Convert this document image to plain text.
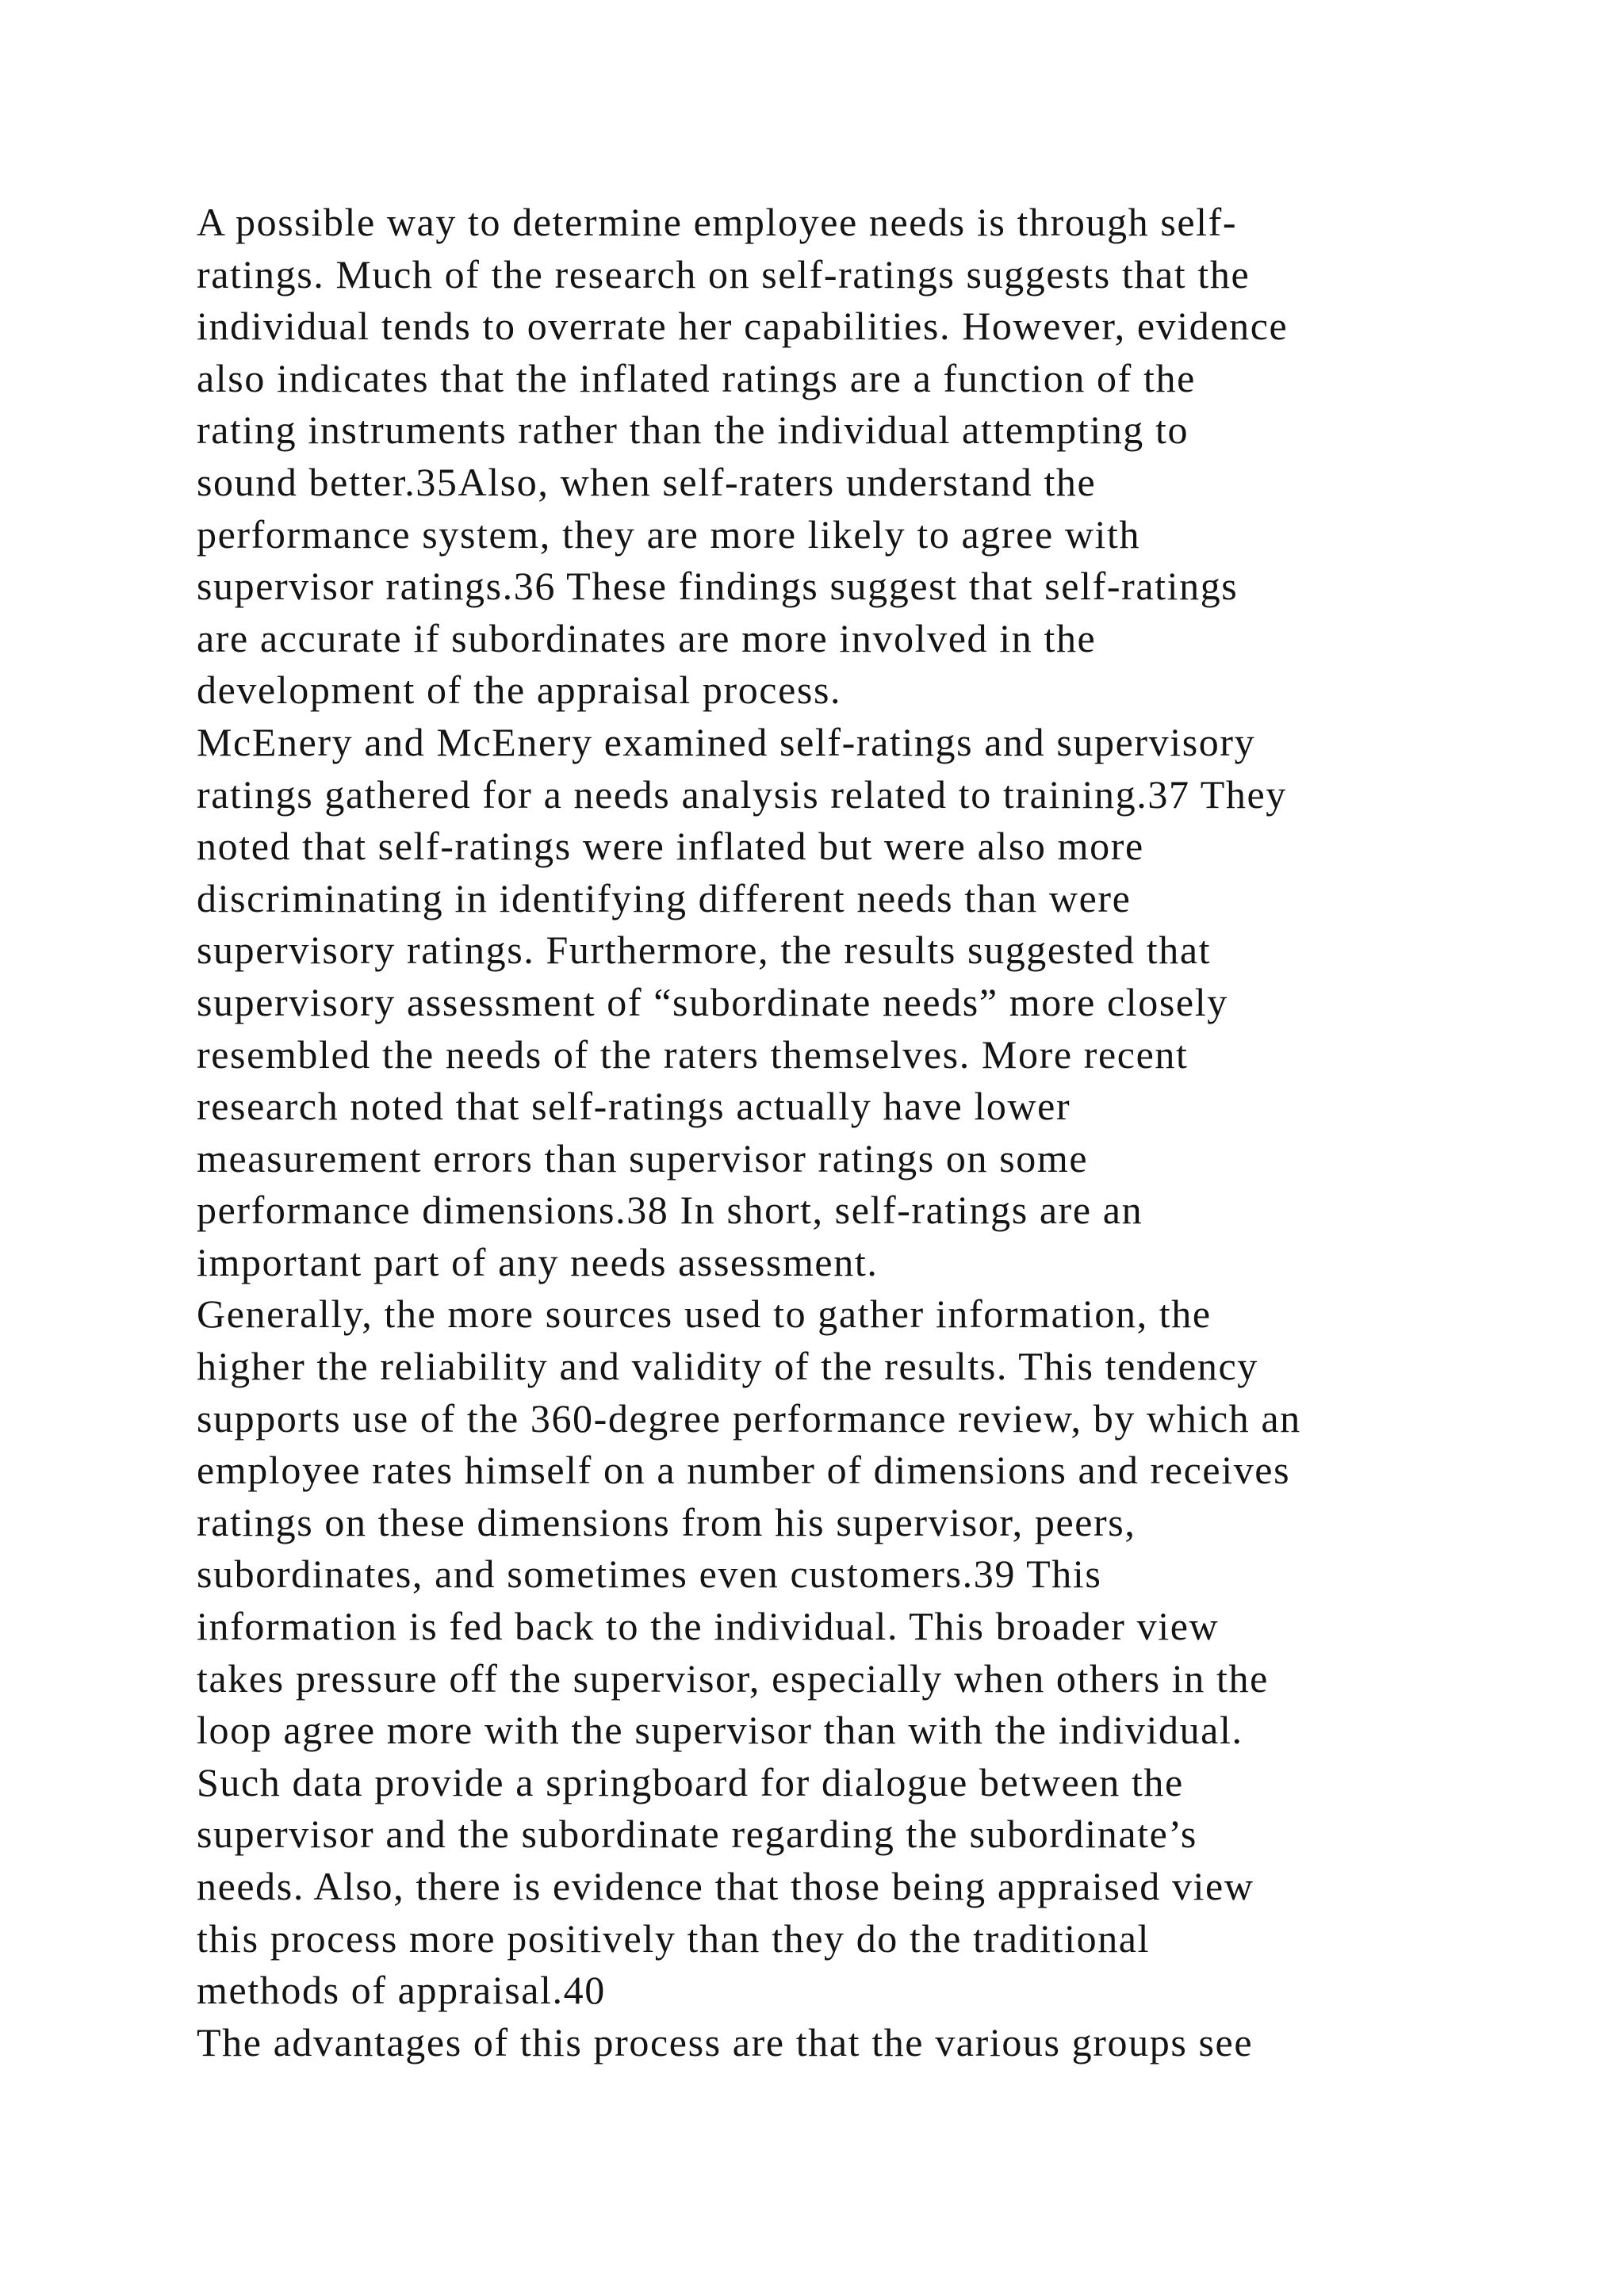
A possible way to determine employee needs is through self-
ratings. Much of the research on self-ratings suggests that the
individual tends to overrate her capabilities. However, evidence
also indicates that the inflated ratings are a function of the
rating instruments rather than the individual attempting to
sound better.35Also, when self-raters understand the
performance system, they are more likely to agree with
supervisor ratings.36 These findings suggest that self-ratings
are accurate if subordinates are more involved in the
development of the appraisal process.
McEnery and McEnery examined self-ratings and supervisory
ratings gathered for a needs analysis related to training.37 They
noted that self-ratings were inflated but were also more
discriminating in identifying different needs than were
supervisory ratings. Furthermore, the results suggested that
supervisory assessment of “subordinate needs” more closely
resembled the needs of the raters themselves. More recent
research noted that self-ratings actually have lower
measurement errors than supervisor ratings on some
performance dimensions.38 In short, self-ratings are an
important part of any needs assessment.
Generally, the more sources used to gather information, the
higher the reliability and validity of the results. This tendency
supports use of the 360-degree performance review, by which an
employee rates himself on a number of dimensions and receives
ratings on these dimensions from his supervisor, peers,
subordinates, and sometimes even customers.39 This
information is fed back to the individual. This broader view
takes pressure off the supervisor, especially when others in the
loop agree more with the supervisor than with the individual.
Such data provide a springboard for dialogue between the
supervisor and the subordinate regarding the subordinate’s
needs. Also, there is evidence that those being appraised view
this process more positively than they do the traditional
methods of appraisal.40
The advantages of this process are that the various groups see
